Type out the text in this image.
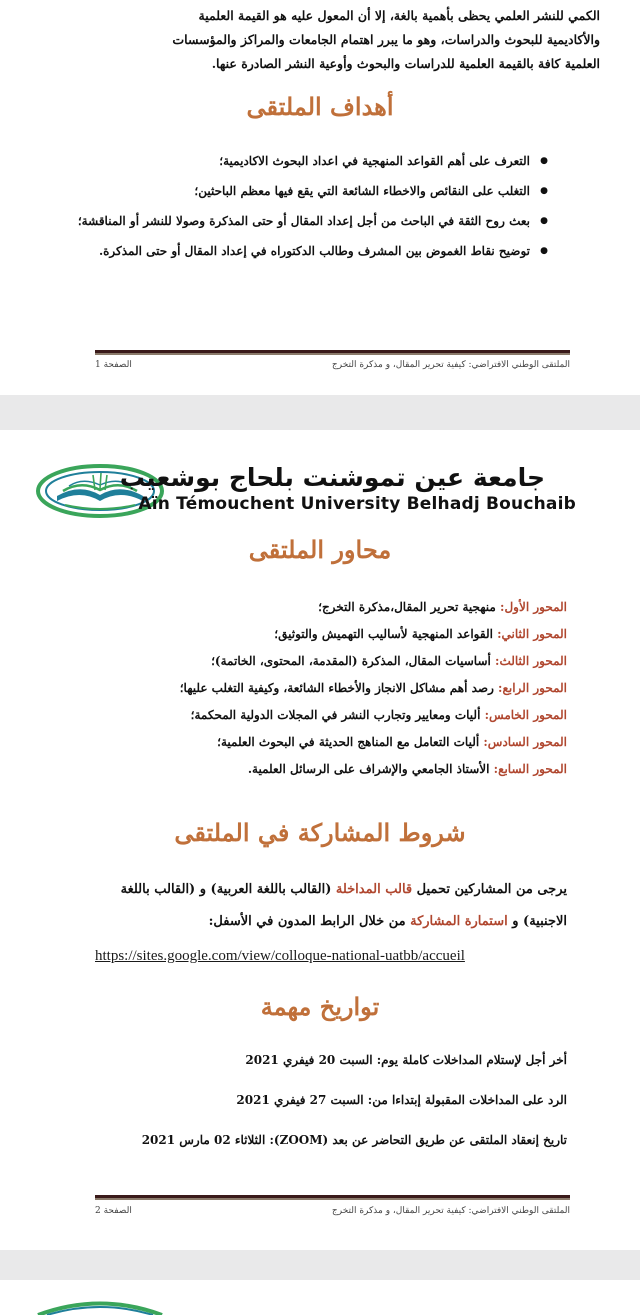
الكمي للنشر العلمي يحظى بأهمية بالغة، إلا أن المعول عليه هو القيمة العلمية
والأكاديمية للبحوث والدراسات، وهو ما يبرر اهتمام الجامعات والمراكز والمؤسسات
العلمية كافة بالقيمة العلمية للدراسات والبحوث وأوعية النشر الصادرة عنها.
أهداف الملتقى
● التعرف على أهم القواعد المنهجية في اعداد البحوث الاكاديمية؛
● التغلب على النقائص والاخطاء الشائعة التي يقع فيها معظم الباحثين؛
● بعث روح الثقة في الباحث من أجل إعداد المقال أو حتى المذكرة وصولا للنشر أو المناقشة؛
● توضيح نقاط الغموض بين المشرف وطالب الدكتوراه في إعداد المقال أو حتى المذكرة.
الملتقى الوطني الافتراضي: كيفية تحرير المقال، و مذكرة التخرج
الصفحة 1
جامعة عين تموشنت بلحاج بوشعيب
Aïn Témouchent University Belhadj Bouchaib
محاور الملتقى
المحور الأول: منهجية تحرير المقال،مذكرة التخرج؛
المحور الثاني: القواعد المنهجية لأساليب التهميش والتوثيق؛
المحور الثالث: أساسيات المقال، المذكرة (المقدمة، المحتوى، الخاتمة)؛
المحور الرابع: رصد أهم مشاكل الانجاز والأخطاء الشائعة، وكيفية التغلب عليها؛
المحور الخامس: أليات ومعايير وتجارب النشر في المجلات الدولية المحكمة؛
المحور السادس: أليات التعامل مع المناهج الحديثة في البحوث العلمية؛
المحور السابع: الأستاذ الجامعي والإشراف على الرسائل العلمية.
شروط المشاركة في الملتقى
يرجى من المشاركين تحميل قالب المداخلة (القالب باللغة العربية) و (القالب باللغة الاجنبية) و استمارة المشاركة من خلال الرابط المدون في الأسفل:
https://sites.google.com/view/colloque-national-uatbb/accueil
تواريخ مهمة
أخر أجل لإستلام المداخلات كاملة يوم: السبت 20 فيفري 2021
الرد على المداخلات المقبولة إبتداءا من: السبت 27 فيفري 2021
تاريخ إنعقاد الملتقى عن طريق التحاضر عن بعد (ZOOM): الثلاثاء 02 مارس 2021
الملتقى الوطني الافتراضي: كيفية تحرير المقال، و مذكرة التخرج
الصفحة 2
